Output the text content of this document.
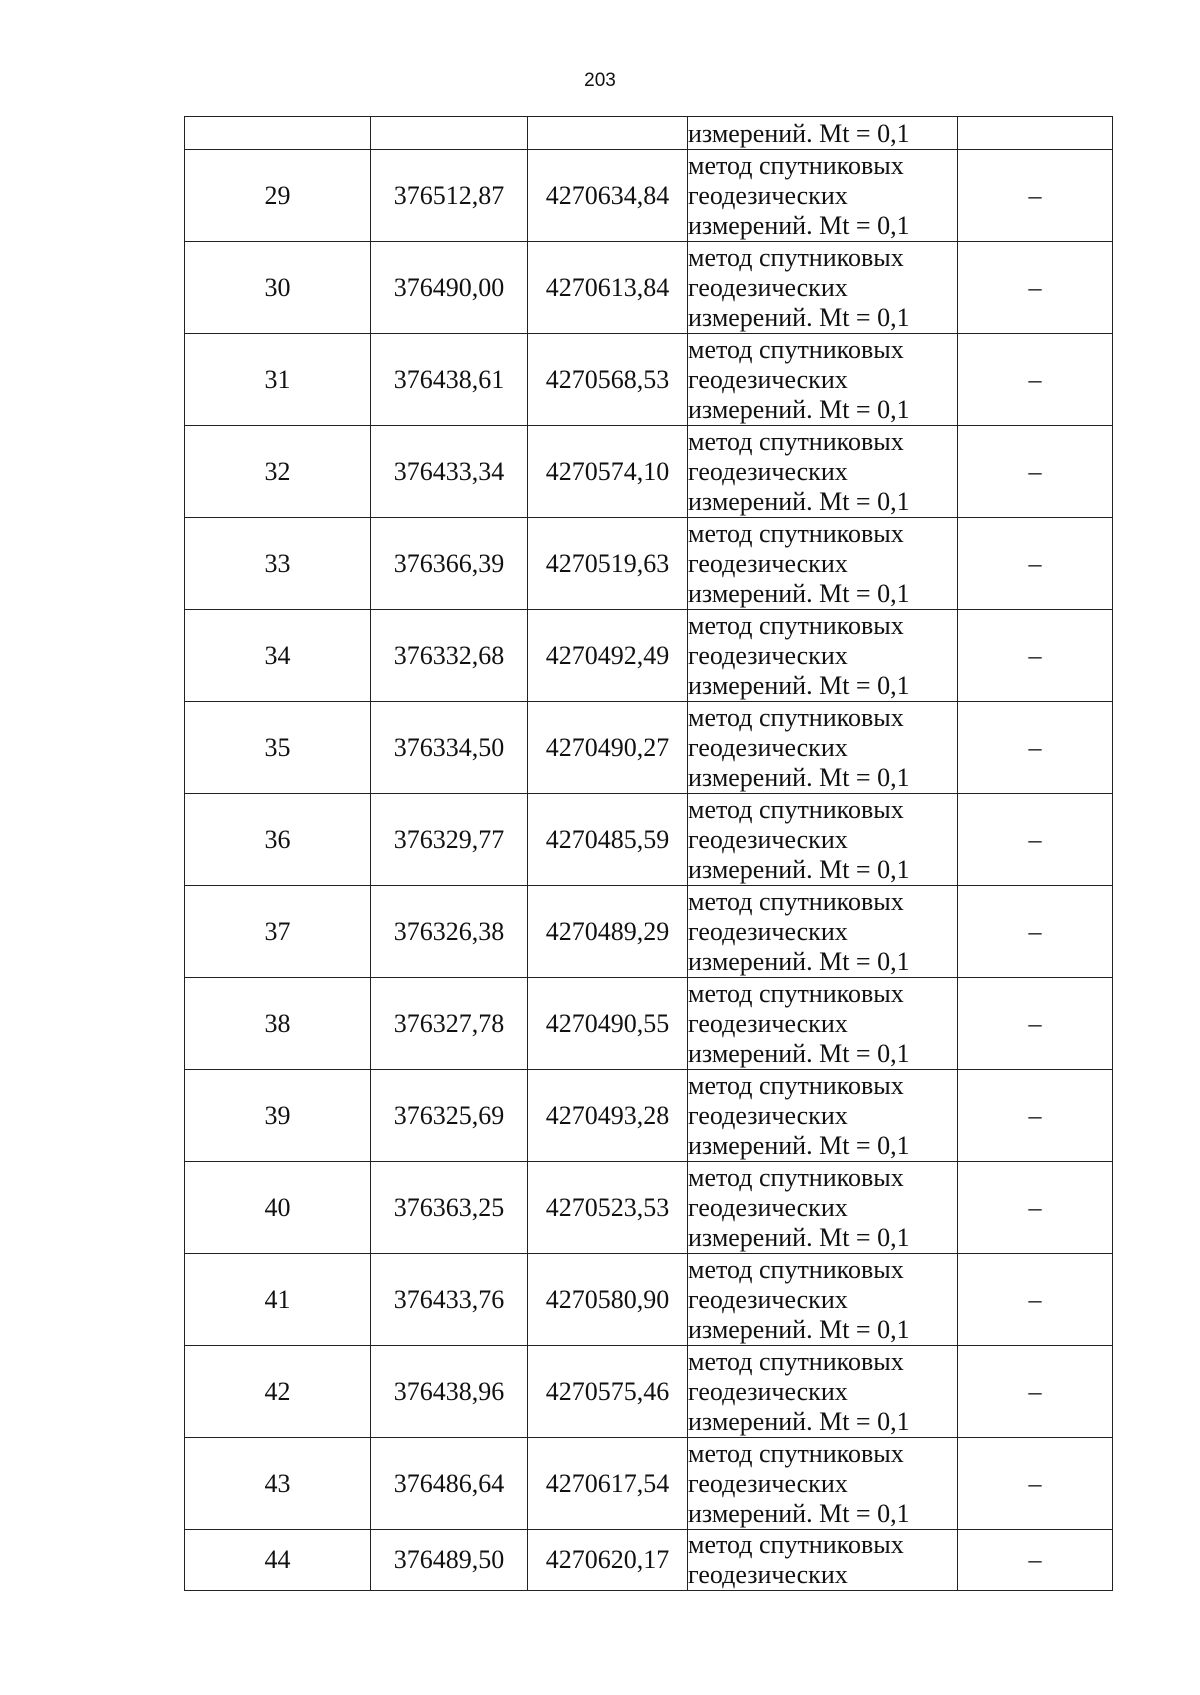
203

			измерений. Mt = 0,1	

29	376512,87	4270634,84	метод спутниковых
геодезических
измерений. Mt = 0,1	–
30	376490,00	4270613,84	метод спутниковых
геодезических
измерений. Mt = 0,1	–
31	376438,61	4270568,53	метод спутниковых
геодезических
измерений. Mt = 0,1	–
32	376433,34	4270574,10	метод спутниковых
геодезических
измерений. Mt = 0,1	–
33	376366,39	4270519,63	метод спутниковых
геодезических
измерений. Mt = 0,1	–
34	376332,68	4270492,49	метод спутниковых
геодезических
измерений. Mt = 0,1	–
35	376334,50	4270490,27	метод спутниковых
геодезических
измерений. Mt = 0,1	–
36	376329,77	4270485,59	метод спутниковых
геодезических
измерений. Mt = 0,1	–
37	376326,38	4270489,29	метод спутниковых
геодезических
измерений. Mt = 0,1	–
38	376327,78	4270490,55	метод спутниковых
геодезических
измерений. Mt = 0,1	–
39	376325,69	4270493,28	метод спутниковых
геодезических
измерений. Mt = 0,1	–
40	376363,25	4270523,53	метод спутниковых
геодезических
измерений. Mt = 0,1	–
41	376433,76	4270580,90	метод спутниковых
геодезических
измерений. Mt = 0,1	–
42	376438,96	4270575,46	метод спутниковых
геодезических
измерений. Mt = 0,1	–
43	376486,64	4270617,54	метод спутниковых
геодезических
измерений. Mt = 0,1	–
44	376489,50	4270620,17	метод спутниковых
геодезических	–
